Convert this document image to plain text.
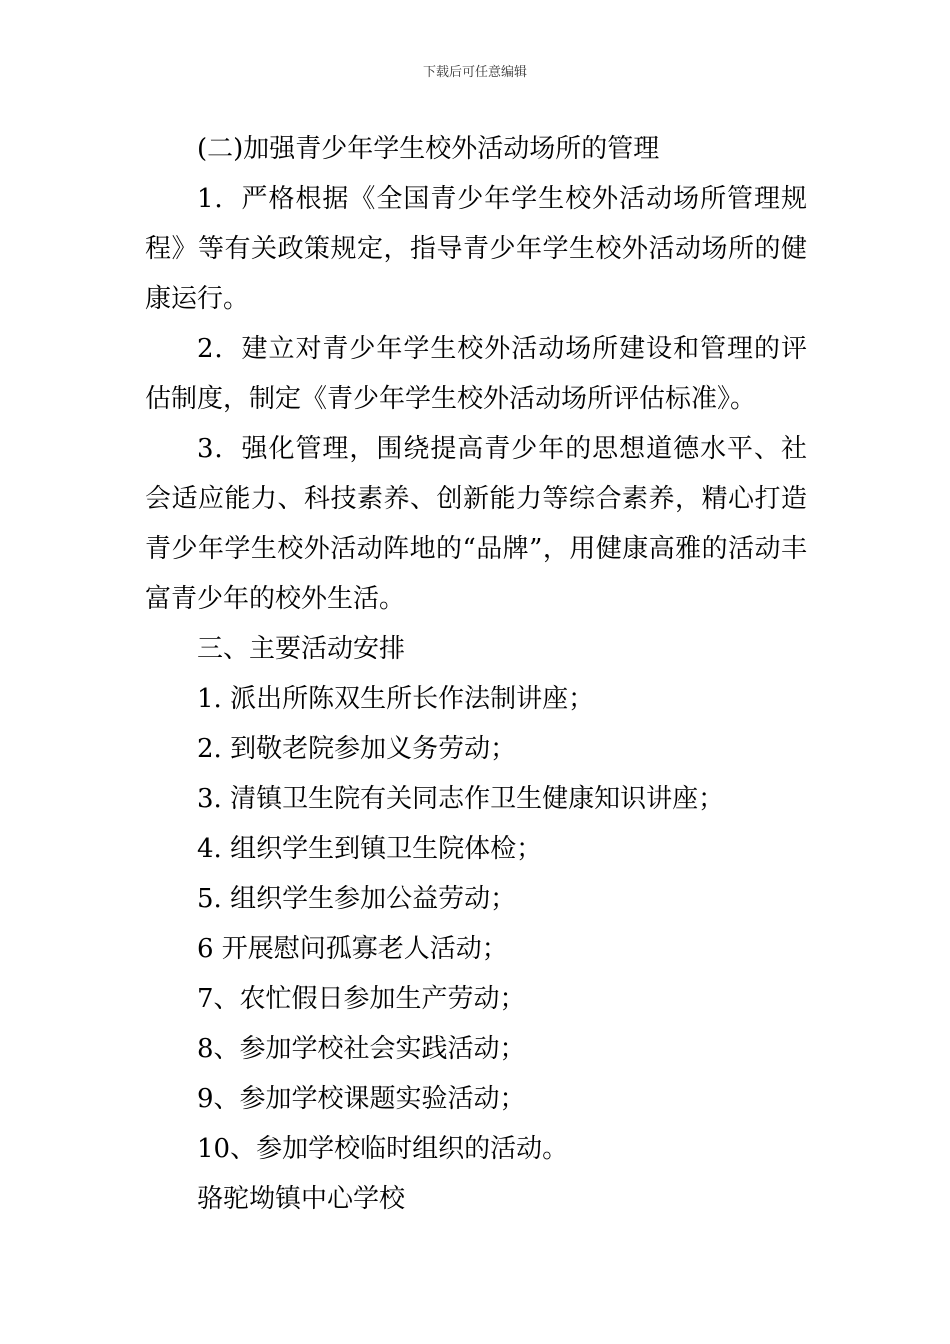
下载后可任意编辑

(二)加强青少年学生校外活动场所的管理

1．严格根据《全国青少年学生校外活动场所管理规程》等有关政策规定，指导青少年学生校外活动场所的健康运行。

2．建立对青少年学生校外活动场所建设和管理的评估制度，制定《青少年学生校外活动场所评估标准》。

3．强化管理，围绕提高青少年的思想道德水平、社会适应能力、科技素养、创新能力等综合素养，精心打造青少年学生校外活动阵地的“品牌”，用健康高雅的活动丰富青少年的校外生活。

三、主要活动安排

1. 派出所陈双生所长作法制讲座；

2. 到敬老院参加义务劳动；

3. 清镇卫生院有关同志作卫生健康知识讲座；

4. 组织学生到镇卫生院体检；

5. 组织学生参加公益劳动；

6 开展慰问孤寡老人活动；

7、农忙假日参加生产劳动；

8、参加学校社会实践活动；

9、参加学校课题实验活动；

10、参加学校临时组织的活动。

骆驼坳镇中心学校
